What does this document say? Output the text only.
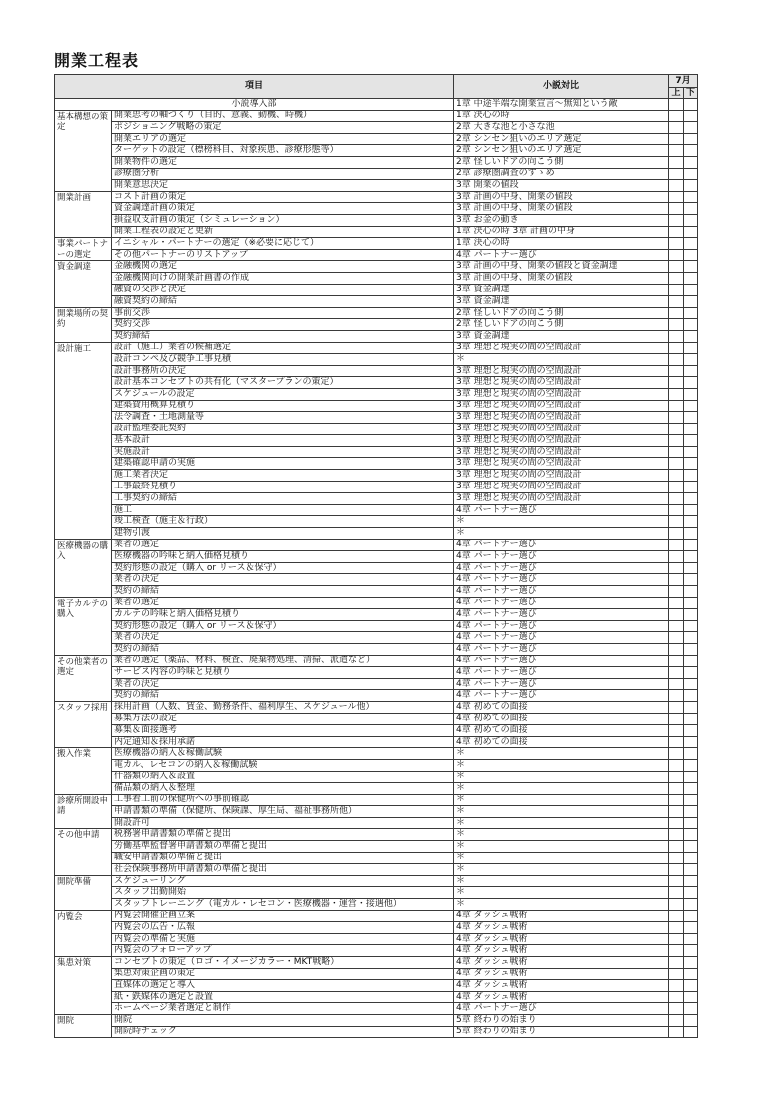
開業工程表
項目		小説対比	7月	
			上	下
小説導入部		1章 中途半端な開業宣言～無知という敵		
基本構想の策定	開業思考の軸づくり（目的、意義、動機、時機）	1章 決心の時		
	ポジショニング戦略の策定	2章 大きな池と小さな池		
	開業エリアの選定	2章 シンセン狙いのエリア選定		
	ターゲットの設定（標榜科目、対象疾患、診療形態等）	2章 シンセン狙いのエリア選定		
	開業物件の選定	2章 怪しいドアの向こう側		
	診療圏分析	2章 診療圏調査のすゝめ		
	開業意思決定	3章 開業の値段		
開業計画	コスト計画の策定	3章 計画の中身、開業の値段		
	資金調達計画の策定	3章 計画の中身、開業の値段		
	損益収支計画の策定（シミュレーション）	3章 お金の動き		
	開業工程表の設定と更新	1章 決心の時 3章 計画の中身		
事業パートナーの選定	イニシャル・パートナーの選定（※必要に応じて）	1章 決心の時		
	その他パートナーのリストアップ	4章 パートナー選び		
資金調達	金融機関の選定	3章 計画の中身、開業の値段と資金調達		
	金融機関向けの開業計画書の作成	3章 計画の中身、開業の値段		
	融資の交渉と決定	3章 資金調達		
	融資契約の締結	3章 資金調達		
開業場所の契約	事前交渉	2章 怪しいドアの向こう側		
	契約交渉	2章 怪しいドアの向こう側		
	契約締結	3章 資金調達		
設計施工	設計（施工）業者の候補選定	3章 理想と現実の間の空間設計		
	設計コンペ及び競争工事見積	＊		
	設計事務所の決定	3章 理想と現実の間の空間設計		
	設計基本コンセプトの共有化（マスタープランの策定）	3章 理想と現実の間の空間設計		
	スケジュールの設定	3章 理想と現実の間の空間設計		
	建築費用概算見積り	3章 理想と現実の間の空間設計		
	法令調査・土地測量等	3章 理想と現実の間の空間設計		
	設計監理委託契約	3章 理想と現実の間の空間設計		
	基本設計	3章 理想と現実の間の空間設計		
	実施設計	3章 理想と現実の間の空間設計		
	建築確認申請の実施	3章 理想と現実の間の空間設計		
	施工業者決定	3章 理想と現実の間の空間設計		
	工事最終見積り	3章 理想と現実の間の空間設計		
	工事契約の締結	3章 理想と現実の間の空間設計		
	施工	4章 パートナー選び		
	竣工検査（施主＆行政）	＊		
	建物引渡	＊		
医療機器の購入	業者の選定	4章 パートナー選び		
	医療機器の吟味と納入価格見積り	4章 パートナー選び		
	契約形態の設定（購入 or リース＆保守）	4章 パートナー選び		
	業者の決定	4章 パートナー選び		
	契約の締結	4章 パートナー選び		
電子カルテの購入	業者の選定	4章 パートナー選び		
	カルテの吟味と納入価格見積り	4章 パートナー選び		
	契約形態の設定（購入 or リース＆保守）	4章 パートナー選び		
	業者の決定	4章 パートナー選び		
	契約の締結	4章 パートナー選び		
その他業者の選定	業者の選定（薬品、材料、検査、廃棄物処理、清掃、派遣など）	4章 パートナー選び		
	サービス内容の吟味と見積り	4章 パートナー選び		
	業者の決定	4章 パートナー選び		
	契約の締結	4章 パートナー選び		
スタッフ採用	採用計画（人数、賃金、勤務条件、福利厚生、スケジュール他）	4章 初めての面接		
	募集方法の設定	4章 初めての面接		
	募集＆面接選考	4章 初めての面接		
	内定通知＆採用承諾	4章 初めての面接		
搬入作業	医療機器の納入＆稼働試験	＊		
	電カル、レセコンの納入＆稼働試験	＊		
	什器類の納入＆設置	＊		
	備品類の納入＆整理	＊		
診療所開設申請	工事着工前の保健所への事前確認	＊		
	申請書類の準備（保健所、保険課、厚生局、福祉事務所他）	＊		
	開設許可	＊		
その他申請	税務署申請書類の準備と提出	＊		
	労働基準監督署申請書類の準備と提出	＊		
	職安申請書類の準備と提出	＊		
	社会保険事務所申請書類の準備と提出	＊		
開院準備	スケジューリング	＊		
	スタッフ出勤開始	＊		
	スタッフトレーニング（電カル・レセコン・医療機器・運営・接遇他）	＊		
内覧会	内覧会開催企画立案	4章 ダッシュ戦術		
	内覧会の広告・広報	4章 ダッシュ戦術		
	内覧会の準備と実施	4章 ダッシュ戦術		
	内覧会のフォローアップ	4章 ダッシュ戦術		
集患対策	コンセプトの策定（ロゴ・イメージカラー・MKT戦略）	4章 ダッシュ戦術		
	集患対策企画の策定	4章 ダッシュ戦術		
	直媒体の選定と導入	4章 ダッシュ戦術		
	紙・鉄媒体の選定と設置	4章 ダッシュ戦術		
	ホームページ業者選定と制作	4章 パートナー選び		
開院	開院	5章 終わりの始まり		
	開院時チェック	5章 終わりの始まり		
